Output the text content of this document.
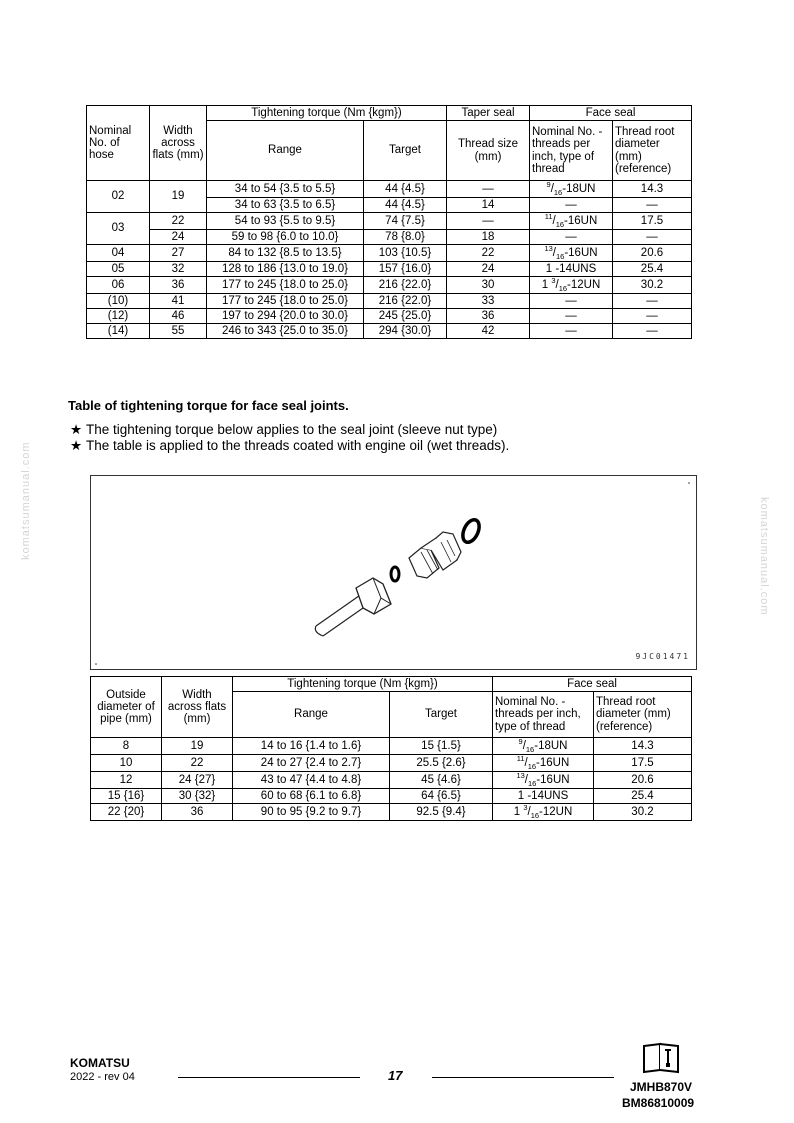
Nominal No. of hose	Width across flats (mm)	Tightening torque (Nm {kgm})		Taper seal	Face seal	
		Range	Target	Thread size (mm)	Nominal No. - threads per inch, type of thread	Thread root diameter (mm) (reference)
02	19	34 to 54 {3.5 to 5.5}	44 {4.5}	—	$^9/_{16}-18UN$	14.3
		34 to 63 {3.5 to 6.5}	44 {4.5}	14	—	—
03	22	54 to 93 {5.5 to 9.5}	74 {7.5}	—	$^{11}/_{16}-16UN$	17.5
	24	59 to 98 {6.0 to 10.0}	78 {8.0}	18	—	—
04	27	84 to 132 {8.5 to 13.5}	103 {10.5}	22	$^{13}/_{16}-16UN$	20.6
05	32	128 to 186 {13.0 to 19.0}	157 {16.0}	24	1 -14UNS	25.4
06	36	177 to 245 {18.0 to 25.0}	216 {22.0}	30	1 $^3/_{16}-12UN$	30.2
(10)	41	177 to 245 {18.0 to 25.0}	216 {22.0}	33	—	—
(12)	46	197 to 294 {20.0 to 30.0}	245 {25.0}	36	—	—
(14)	55	246 to 343 {25.0 to 35.0}	294 {30.0}	42	—	—
Table of tightening torque for face seal joints.
★ The tightening torque below applies to the seal joint (sleeve nut type)
★ The table is applied to the threads coated with engine oil (wet threads).
9JC01471
Outside diameter of pipe (mm)	Width across flats (mm)	Tightening torque (Nm {kgm})		Face seal	
		Range	Target	Nominal No. - threads per inch, type of thread	Thread root diameter (mm) (reference)
8	19	14 to 16 {1.4 to 1.6}	15 {1.5}	$^9/_{16}-18UN$	14.3
10	22	24 to 27 {2.4 to 2.7}	25.5 {2.6}	$^{11}/_{16}-16UN$	17.5
12	24 {27}	43 to 47 {4.4 to 4.8}	45 {4.6}	$^{13}/_{16}-16UN$	20.6
15 {16}	30 {32}	60 to 68 {6.1 to 6.8}	64 {6.5}	1 -14UNS	25.4
22 {20}	36	90 to 95 {9.2 to 9.7}	92.5 {9.4}	1 $^3/_{16}-12UN$	30.2
komatsumanual.com	komatsumanual.com
KOMATSU
2022 - rev 04	17
JMHB870V
BM86810009
